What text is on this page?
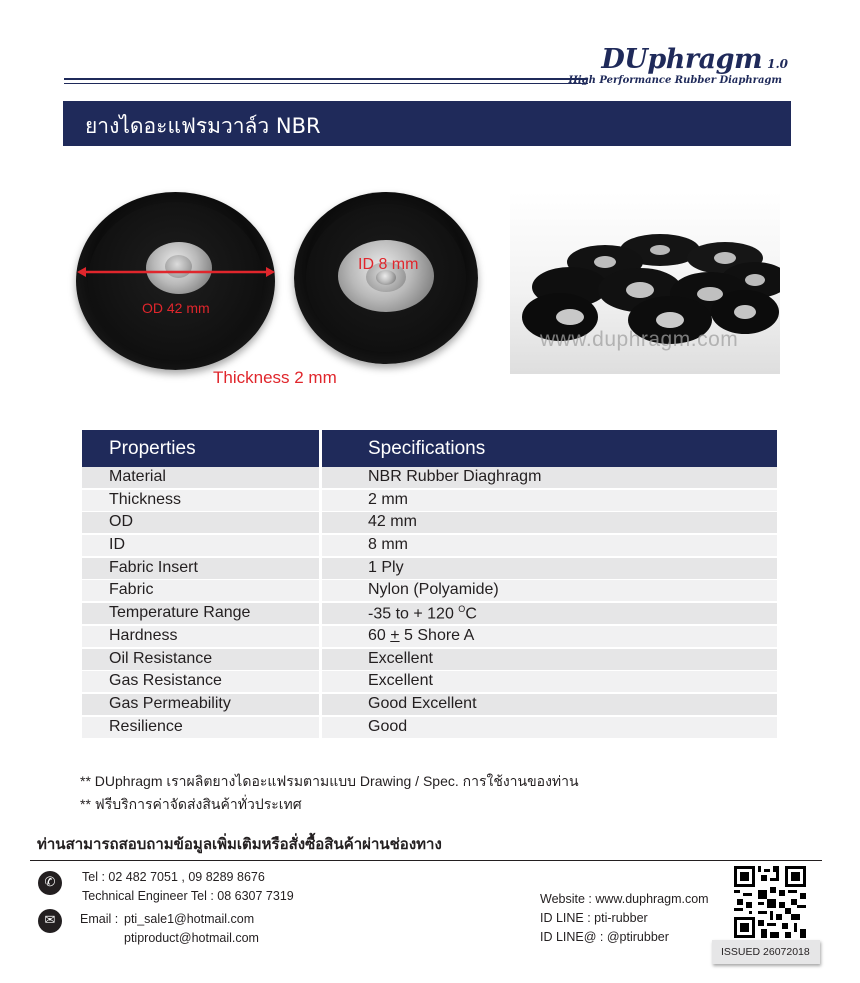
DUphragm 1.0
High Performance Rubber Diaphragm
ยางไดอะแฟรมวาล์ว NBR
OD 42 mm
ID 8 mm
Thickness 2 mm
www.duphragm.com
Properties	Specifications
Material	NBR Rubber Diaghragm
Thickness	2 mm
OD	42 mm
ID	8 mm
Fabric Insert	1 Ply
Fabric	Nylon (Polyamide)
Temperature Range	-35 to + 120 $^O$C
Hardness	60 + 5 Shore A
Oil Resistance	Excellent
Gas Resistance	Excellent
Gas Permeability	Good Excellent
Resilience	Good
** DUphragm เราผลิตยางไดอะแฟรมตามแบบ Drawing / Spec. การใช้งานของท่าน
** ฟรีบริการค่าจัดส่งสินค้าทั่วประเทศ
ท่านสามารถสอบถามข้อมูลเพิ่มเติมหรือสั่งซื้อสินค้าผ่านช่องทาง
✆	Tel : 02 482 7051 , 09 8289 8676
Technical Engineer Tel : 08 6307 7319
✉	Email : pti_sale1@hotmail.com
ptiproduct@hotmail.com
Website : www.duphragm.com
ID LINE : pti-rubber
ID LINE@ : @ptirubber
ISSUED 26072018
